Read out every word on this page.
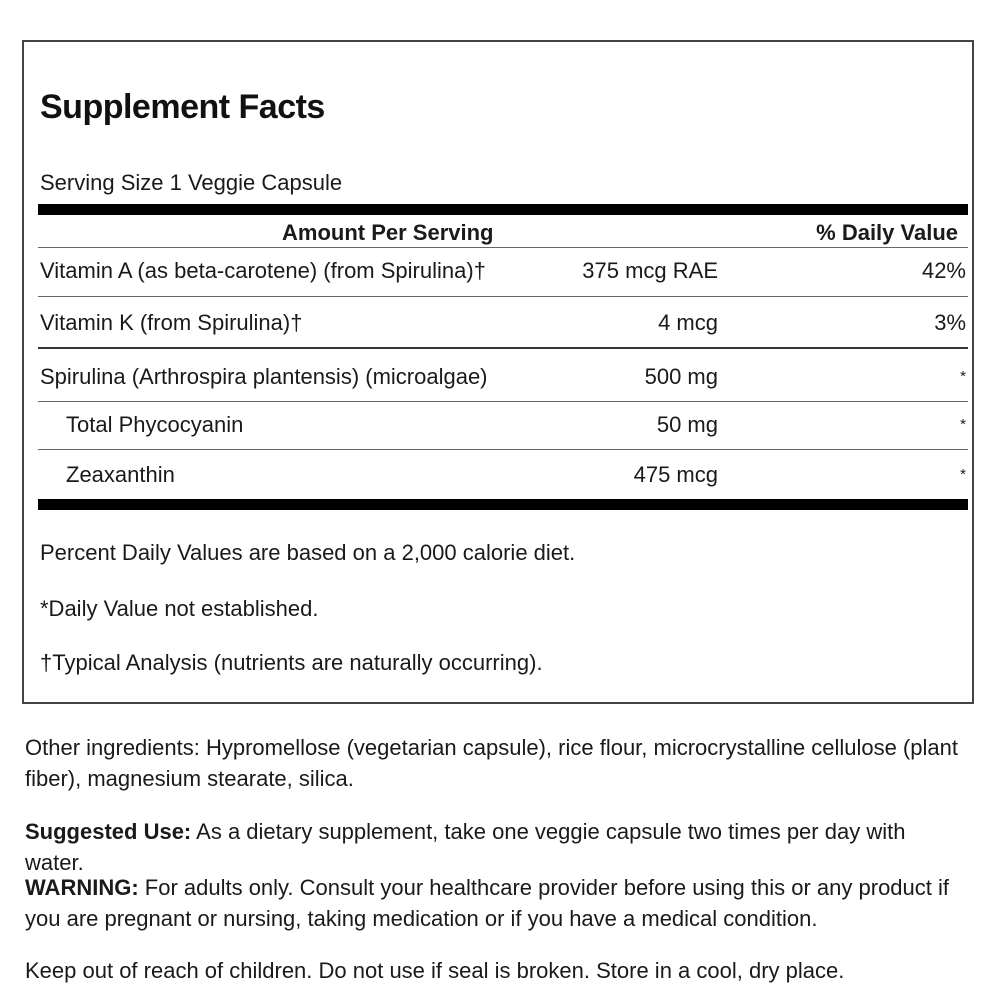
Supplement Facts
Serving Size 1 Veggie Capsule
Amount Per Serving	% Daily Value
Vitamin A (as beta-carotene) (from Spirulina)†	375 mcg RAE	42%
Vitamin K (from Spirulina)†	4 mcg	3%
Spirulina (Arthrospira plantensis) (microalgae)	500 mg	*
Total Phycocyanin	50 mg	*
Zeaxanthin	475 mcg	*
Percent Daily Values are based on a 2,000 calorie diet.
*Daily Value not established.
†Typical Analysis (nutrients are naturally occurring).
Other ingredients: Hypromellose (vegetarian capsule), rice flour, microcrystalline cellulose (plant fiber), magnesium stearate, silica.
Suggested Use: As a dietary supplement, take one veggie capsule two times per day with water.
WARNING: For adults only. Consult your healthcare provider before using this or any product if you are pregnant or nursing, taking medication or if you have a medical condition.
Keep out of reach of children. Do not use if seal is broken. Store in a cool, dry place.
